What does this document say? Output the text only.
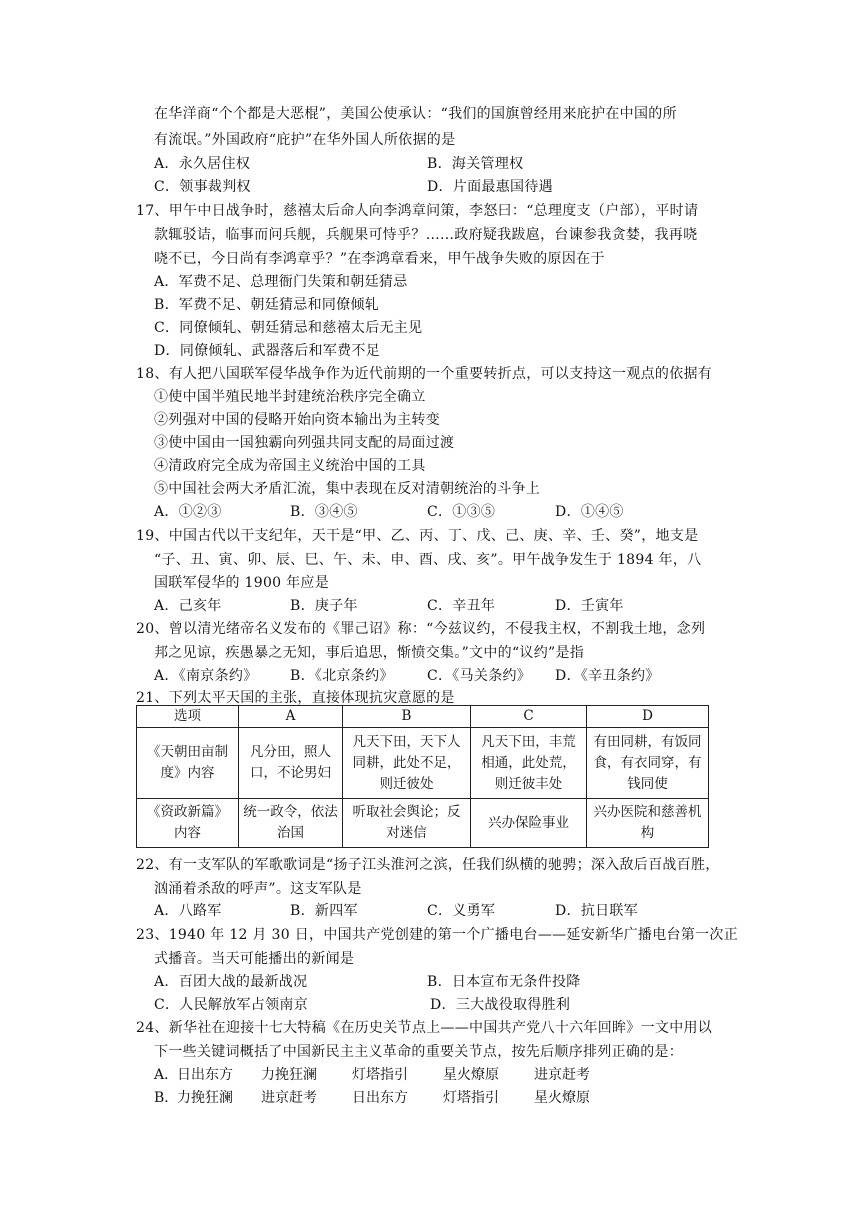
在华洋商“个个都是大恶棍”，美国公使承认：“我们的国旗曾经用来庇护在中国的所
有流氓。”外国政府“庇护”在华外国人所依据的是
A．永久居住权	B．海关管理权
C．领事裁判权	D．片面最惠国待遇
17、甲午中日战争时，慈禧太后命人向李鸿章问策，李怒曰：“总理度支（户部），平时请
款辄驳诘，临事而问兵舰，兵舰果可恃乎？……政府疑我跋扈，台谏参我贪婪，我再哓
哓不已，今日尚有李鸿章乎？”在李鸿章看来，甲午战争失败的原因在于
A．军费不足、总理衙门失策和朝廷猜忌
B．军费不足、朝廷猜忌和同僚倾轧
C．同僚倾轧、朝廷猜忌和慈禧太后无主见
D．同僚倾轧、武器落后和军费不足
18、有人把八国联军侵华战争作为近代前期的一个重要转折点，可以支持这一观点的依据有
①使中国半殖民地半封建统治秩序完全确立
②列强对中国的侵略开始向资本输出为主转变
③使中国由一国独霸向列强共同支配的局面过渡
④清政府完全成为帝国主义统治中国的工具
⑤中国社会两大矛盾汇流，集中表现在反对清朝统治的斗争上
A．①②③	B．③④⑤	C．①③⑤	D．①④⑤
19、中国古代以干支纪年，天干是“甲、乙、丙、丁、戊、己、庚、辛、壬、癸”，地支是
“子、丑、寅、卯、辰、巳、午、未、申、酉、戌、亥”。甲午战争发生于 1894 年，八
国联军侵华的 1900 年应是
A．己亥年	B．庚子年	C．辛丑年	D．壬寅年
20、曾以清光绪帝名义发布的《罪己诏》称：“今兹议约，不侵我主权，不割我土地，念列
邦之见谅，疾愚暴之无知，事后追思，惭愤交集。”文中的“议约”是指
A．《南京条约》 B．《北京条约》 C．《马关条约》 D．《辛丑条约》
21、下列太平天国的主张，直接体现抗灾意愿的是
选项	A	B	C	D
《天朝田亩制度》内容	凡分田，照人口，不论男妇	凡天下田，天下人同耕，此处不足，则迁彼处	凡天下田，丰荒相通，此处荒，则迁彼丰处	有田同耕，有饭同食，有衣同穿，有钱同使
《资政新篇》内容	统一政令，依法治国	听取社会舆论；反对迷信	兴办保险事业	兴办医院和慈善机构
22、有一支军队的军歌歌词是“扬子江头淮河之滨，任我们纵横的驰骋；深入敌后百战百胜，
汹涌着杀敌的呼声”。这支军队是
A．八路军	B．新四军	C．义勇军	D．抗日联军
23、1940 年 12 月 30 日，中国共产党创建的第一个广播电台——延安新华广播电台第一次正
式播音。当天可能播出的新闻是
A．百团大战的最新战况	B．日本宣布无条件投降
C．人民解放军占领南京	D．三大战役取得胜利
24、新华社在迎接十七大特稿《在历史关节点上——中国共产党八十六年回眸》一文中用以
下一些关键词概括了中国新民主主义革命的重要关节点，按先后顺序排列正确的是：
A．
日出东方 力挽狂澜	灯塔指引	星火燎原	进京赶考
B．
力挽狂澜 进京赶考	日出东方	灯塔指引	星火燎原
